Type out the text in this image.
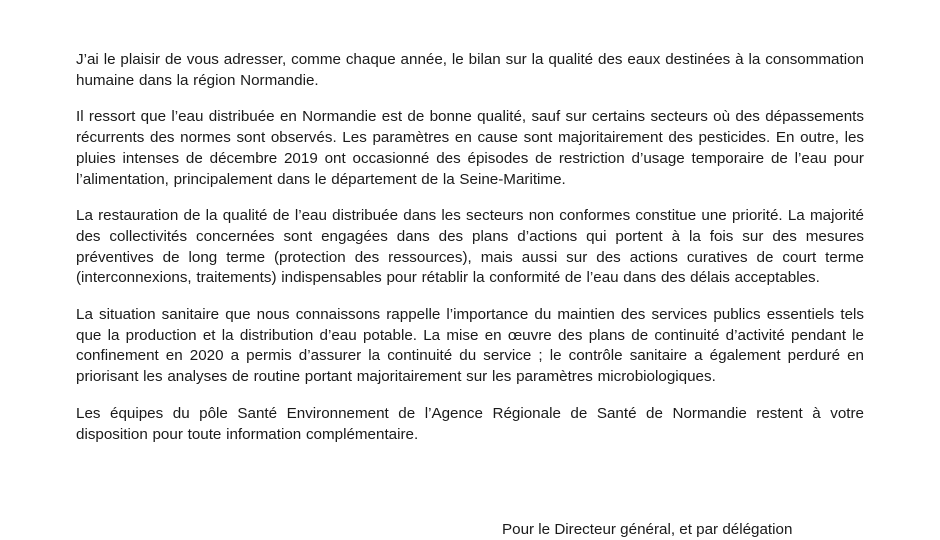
J’ai le plaisir de vous adresser, comme chaque année, le bilan sur la qualité des eaux destinées à la consommation humaine dans la région Normandie.

Il ressort que l’eau distribuée en Normandie est de bonne qualité, sauf sur certains secteurs où des dépassements récurrents des normes sont observés. Les paramètres en cause sont majoritairement des pesticides. En outre, les pluies intenses de décembre 2019 ont occasionné des épisodes de restriction d’usage temporaire de l’eau pour l’alimentation, principalement dans le département de la Seine-Maritime.

La restauration de la qualité de l’eau distribuée dans les secteurs non conformes constitue une priorité. La majorité des collectivités concernées sont engagées dans des plans d’actions qui portent à la fois sur des mesures préventives de long terme (protection des ressources), mais aussi sur des actions curatives de court terme (interconnexions, traitements) indispensables pour rétablir la conformité de l’eau dans des délais acceptables.

La situation sanitaire que nous connaissons rappelle l’importance du maintien des services publics essentiels tels que la production et la distribution d’eau potable. La mise en œuvre des plans de continuité d’activité pendant le confinement en 2020 a permis d’assurer la continuité du service ; le contrôle sanitaire a également perduré en priorisant les analyses de routine portant majoritairement sur les paramètres microbiologiques.

Les équipes du pôle Santé Environnement de l’Agence Régionale de Santé de Normandie restent à votre disposition pour toute information complémentaire.

Pour le Directeur général, et par délégation
